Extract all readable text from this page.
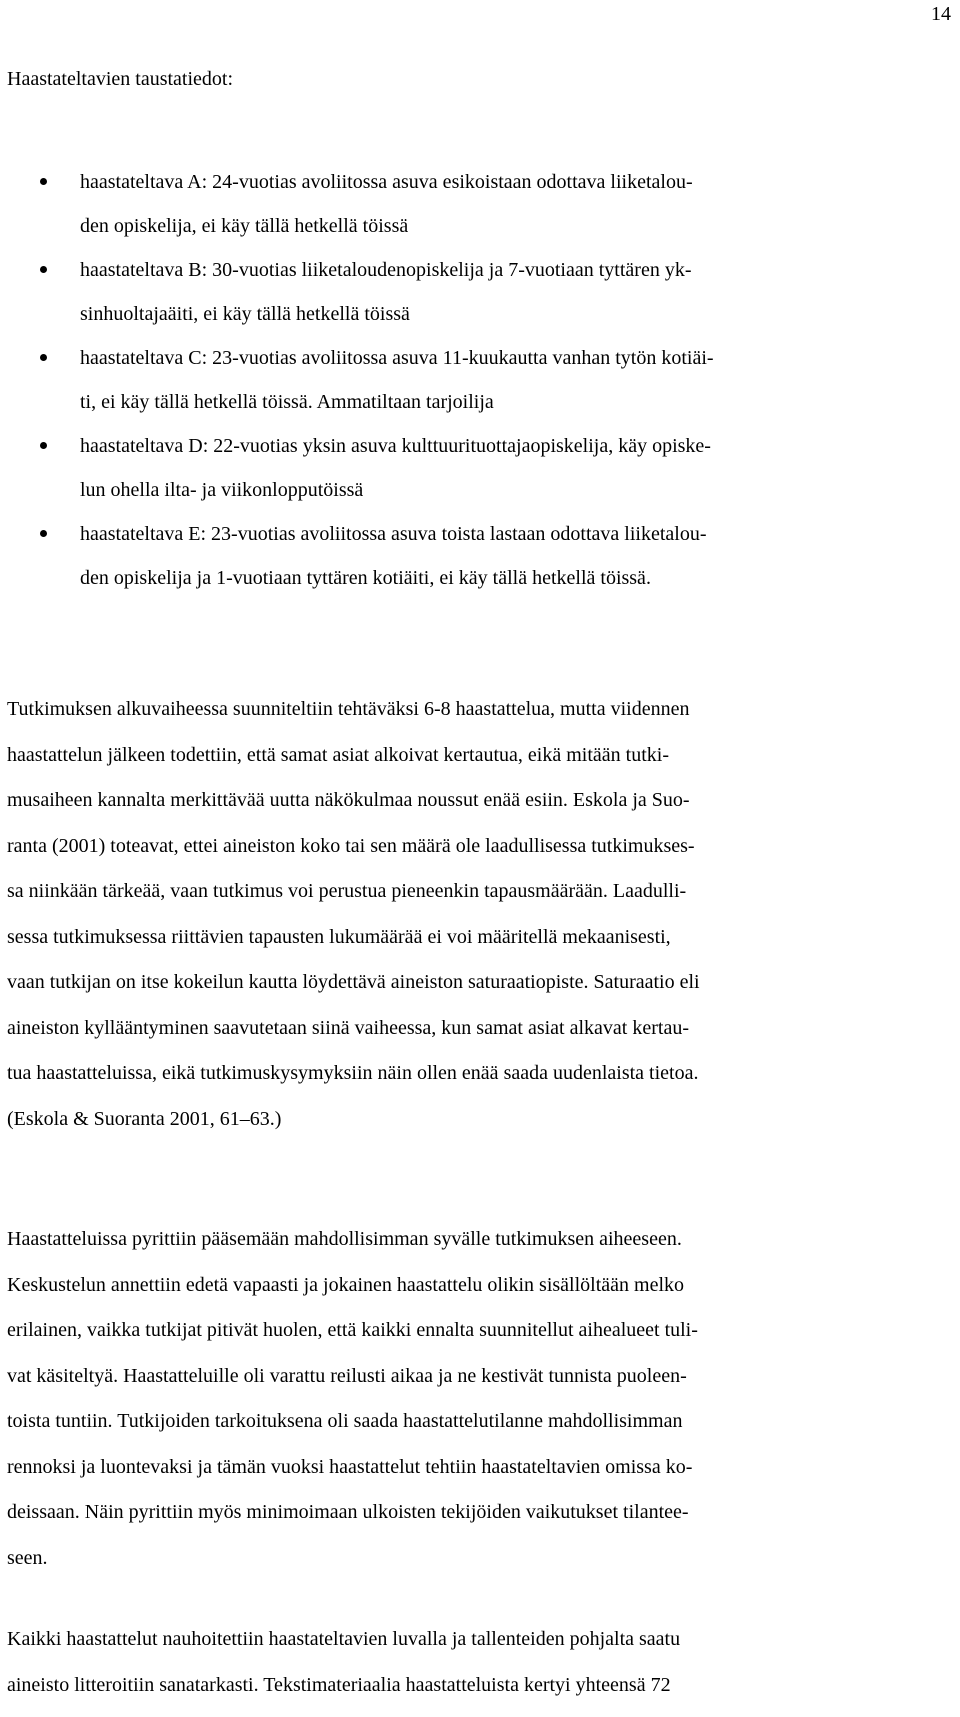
14
Haastateltavien taustatiedot:
haastateltava A: 24-vuotias avoliitossa asuva esikoistaan odottava liiketalou-
den opiskelija, ei käy tällä hetkellä töissä
haastateltava B: 30-vuotias liiketaloudenopiskelija ja 7-vuotiaan tyttären yk-
sinhuoltajaäiti, ei käy tällä hetkellä töissä
haastateltava C: 23-vuotias avoliitossa asuva 11-kuukautta vanhan tytön kotiäi-
ti, ei käy tällä hetkellä töissä. Ammatiltaan tarjoilija
haastateltava D: 22-vuotias yksin asuva kulttuurituottajaopiskelija, käy opiske-
lun ohella ilta- ja viikonlopputöissä
haastateltava E: 23-vuotias avoliitossa asuva toista lastaan odottava liiketalou-
den opiskelija ja 1-vuotiaan tyttären kotiäiti, ei käy tällä hetkellä töissä.
Tutkimuksen alkuvaiheessa suunniteltiin tehtäväksi 6-8 haastattelua, mutta viidennen
haastattelun jälkeen todettiin, että samat asiat alkoivat kertautua, eikä mitään tutki-
musaiheen kannalta merkittävää uutta näkökulmaa noussut enää esiin. Eskola ja Suo-
ranta (2001) toteavat, ettei aineiston koko tai sen määrä ole laadullisessa tutkimukses-
sa niinkään tärkeää, vaan tutkimus voi perustua pieneenkin tapausmäärään. Laadulli-
sessa tutkimuksessa riittävien tapausten lukumäärää ei voi määritellä mekaanisesti,
vaan tutkijan on itse kokeilun kautta löydettävä aineiston saturaatiopiste. Saturaatio eli
aineiston kyllääntyminen saavutetaan siinä vaiheessa, kun samat asiat alkavat kertau-
tua haastatteluissa, eikä tutkimuskysymyksiin näin ollen enää saada uudenlaista tietoa.
(Eskola & Suoranta 2001, 61–63.)
Haastatteluissa pyrittiin pääsemään mahdollisimman syvälle tutkimuksen aiheeseen.
Keskustelun annettiin edetä vapaasti ja jokainen haastattelu olikin sisällöltään melko
erilainen, vaikka tutkijat pitivät huolen, että kaikki ennalta suunnitellut aihealueet tuli-
vat käsiteltyä. Haastatteluille oli varattu reilusti aikaa ja ne kestivät tunnista puoleen-
toista tuntiin. Tutkijoiden tarkoituksena oli saada haastattelutilanne mahdollisimman
rennoksi ja luontevaksi ja tämän vuoksi haastattelut tehtiin haastateltavien omissa ko-
deissaan. Näin pyrittiin myös minimoimaan ulkoisten tekijöiden vaikutukset tilantee-
seen.
Kaikki haastattelut nauhoitettiin haastateltavien luvalla ja tallenteiden pohjalta saatu
aineisto litteroitiin sanatarkasti. Tekstimateriaalia haastatteluista kertyi yhteensä 72
